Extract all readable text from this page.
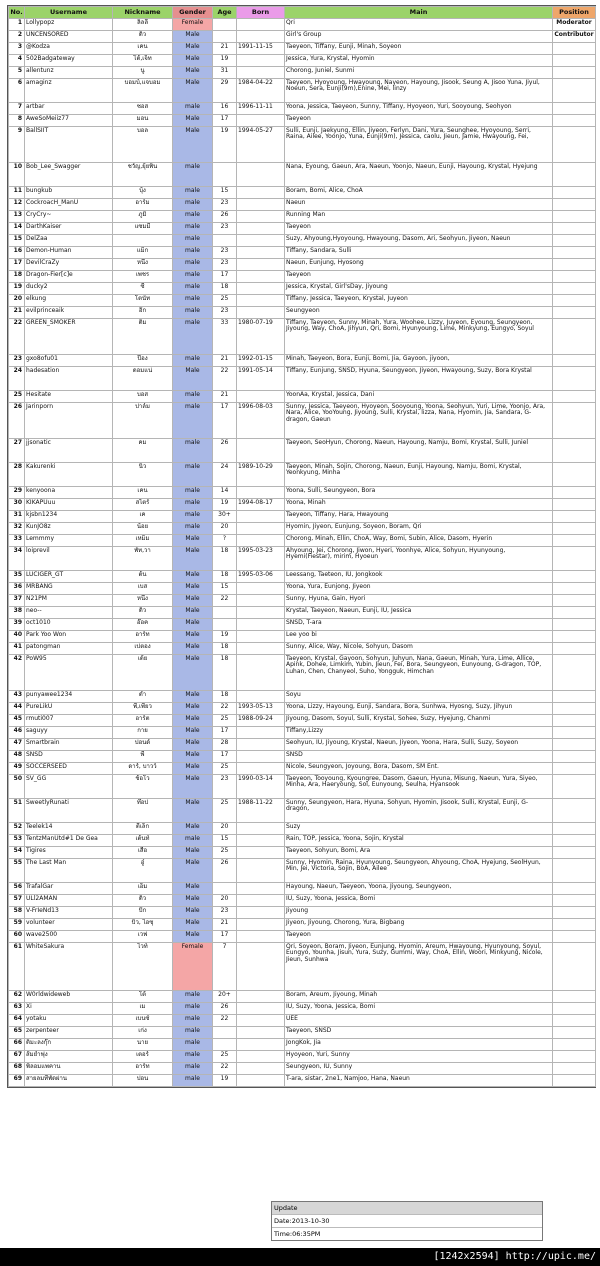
No.	Username	Nickname	Gender	Age	Born	Main	Position
1	Lollypopz	ลิลลี่	Female			Qri	Moderator
2	UNCENSORED	ดิว	Male			Girl's Group	Contributor
3	@Kodza	เคน	Male	21	1991-11-15	Taeyeon, Tiffany, Eunji, Minah, Soyeon	
4	502Badgateway	โต้,เจ็ท	Male	19		Jessica, Yura, Krystal, Hyomin	
5	allentunz	นู	Male	31		Chorong, Juniel, Sunmi	
6	amaginz	บอมบ์,แจบอม	Male	29	1984-04-22	Taeyeon, Hyoyoung, Hwayoung, Nayeon, Hayoung, Jisook, Seung A, Jisoo Yuna, Jiyul, Noeun, Sera, Eunji(9m),Enine, Mei, linzy	
7	artbar	ซอส	male	16	1996-11-11	Yoona, Jessica, Taeyeon, Sunny, Tiffany, Hyoyeon, Yuri, Sooyoung, Seohyon	
8	AweSoMeiiz77	มอน	Male	17		Taeyeon	
9	BallSIIT	บอล	Male	19	1994-05-27	Sulli, Eunji, Jaekyung, Ellin, Jiyeon, Ferlyn, Dani, Yura, Seunghee, Hyoyoung, Serri, Raina, Ailee, Yoonjo, Yuna, Eunji(9m), Jessica, caolu, Jieun, Jamie, Hwayoung, Fei,	
10	Bob_Lee_Swagger	ชวัญ,ยุ้ยพิ้น	male			Nana, Eyoung, Gaeun, Ara, Naeun, Yoonjo, Naeun, Eunji, Hayoung, Krystal, Hyejung	
11	bungkub	บุ้ง	male	15		Boram, Bomi, Alice, ChoA	
12	CockroacH_ManU	อาร์ม	male	23		Naeun	
13	CryCry~	ภูมิ	male	26		Running Man	
14	DarthKaiser	แซมมี่	male	23		Taeyeon	
15	DelZaa		male			Suzy, Ahyoung,Hyoyoung, Hwayoung, Dasom, Ari, Seohyun, Jiyeon, Naeun	
16	Demon-Human	แม็ก	male	23		Tiffany, Sandara, Sulli	
17	DevilCraZy	หนึ่ง	male	23		Naeun, Eunjung, Hyosong	
18	Dragon-Fier[c]e	เพชร	male	17		Taeyeon	
19	ducky2	ซี	male	18		Jessica, Krystal, Girl'sDay, Jiyoung	
20	elkung	โตนัท	male	25		Tiffany, Jessica, Taeyeon, Krystal, Juyeon	
21	evilprinceaik	อิ๊ก	male	23		Seungyeon	
22	GREEN_SMOKER	ติม	male	33	1980-07-19	Tiffany, Taeyeon, Sunny, Minah, Yura, Woohee, Lizzy, Juyeon, Eyoung, Seungyeon, Jiyoung, Way, ChoA, Jihyun, Qri, Bomi, Hyunyoung, Lime, Minkyung, Eungyo, Soyul	
23	gxo8ofu01	ป๊อง	male	21	1992-01-15	Minah, Taeyeon, Bora, Eunji, Bomi, Jia, Gayoon, jiyoon,	
24	hadesation	ดอมแน่	Male	22	1991-05-14	Tiffany, Eunjung, SNSD, Hyuna, Seungyeon, Jiyeon, Hwayoung, Suzy, Bora Krystal	
25	Hesitate	บอส	male	21		YoonAa, Krystal, Jessica, Dani	
26	Jarinporn	ปาล์ม	male	17	1996-08-03	Sunny, Jessica, Taeyeon, Hyoyeon, Sooyoung, Yoona, Seohyun, Yuri, Lime, Yoonjo, Ara, Nara, Alice, YooYoung, Jiyoung, Sulli, Krystal, lizza, Nana, Hyomin, Jia, Sandara, G-dragon, Gaeun	
27	jjsonatic	คม	male	26		Taeyeon, SeoHyun, Chorong, Naeun, Hayoung, Namju, Bomi, Krystal, Sulli, Juniel	
28	Kakurenki	นิว	male	24	1989-10-29	Taeyeon, Minah, Sojin, Chorong, Naeun, Eunji, Hayoung, Namju, Bomi, Krystal, Yeonkyung, Minha	
29	kenyoona	เคน	male	14		Yoona, Sulli, Seungyeon, Bora	
30	KIKAPUuu	สไตร์	male	19	1994-08-17	Yoona, Minah	
31	kjsbn1234	เค	male	30+		Taeyeon, Tiffany, Hara, Hwayoung	
32	KunJO8z	น้อย	male	20		Hyomin, Jiyeon, Eunjung, Soyeon, Boram, Qri	
33	Lemmmy	เหม็ม	Male	?		Chorong, Minah, Ellin, ChoA, Way, Bomi, Subin, Alice, Dasom, Hyerin	
34	loiprevil	พัท,วา	Male	18	1995-03-23	Ahyoung, Jei, Chorong, Jiwon, Hyeri, Yoonhye, Alice, Sohyun, Hyunyoung, Hyemi(Fiestar), mirim, Hyoeun	
35	LUCIGER_GT	ต้น	Male	18	1995-03-06	Leessang, Taeteon, IU, Jongkook	
36	MRBANG	เบส	Male	15		Yoona, Yura, Eunjong, Jiyeon	
37	N21PM	หนึ่ง	Male	22		Sunny, Hyuna, Gain, Hyori	
38	neo--	ดิว	Male			Krystal, Taeyeon, Naeun, Eunji, IU, Jessica	
39	oct1010	อ๊อค	Male			SNSD, T-ara	
40	Park Yoo Won	อาร์ท	Male	19		Lee yoo bi	
41	patongman	เปตอง	Male	18		Sunny, Alice, Way, Nicole, Sohyun, Dasom	
42	PoW95	เด้ย	Male	18		Taeyeon, Krystal, Gayoon, Sohyun, Juhyun, Nana, Gaeun, Minah, Yura, Lime, Allice, Apink, Dohee, Limkim, Yubin, Jieun, Fei, Bora, Seungyeon, Eunyoung, G-dragon, TOP, Luhan, Chen, Chanyeol, Suho, Yongguk, Himchan	
43	punyawee1234	ดำ	Male	18		Soyu	
44	PureLikU	พี,เพียว	Male	22	1993-05-13	Yoona, Lizzy, Hayoung, Eunji, Sandara, Bora, Sunhwa, Hyosng, Suzy, Jihyun	
45	rmuti007	อาร์ต	Male	25	1988-09-24	Jiyoung, Dasom, Soyul, Sulli, Krystal, Sohee, Suzy, Hyejung, Chanmi	
46	saguyy	กาย	Male	17		Tiffany,Lizzy	
47	Smartbrain	ปอนด์	Male	28		Seohyun, IU, Jiyoung, Krystal, Naeun, Jiyeon, Yoona, Hara, Sulli, Suzy, Soyeon	
48	SNSD	พี	Male	17		SNSD	
49	SOCCERSEED	ดาร์, บาวว์	Male	25		Nicole, Seungyeon, Joyoung, Bora, Dasom, SM Ent.	
50	SV_GG	ช้อโว	Male	23	1990-03-14	Taeyeon, Tooyoung, Kyoungree, Dasom, Gaeun, Hyuna, Misung, Naeun, Yura, Siyeo, Minha, Ara, Haeryoung, Sol, Eunyoung, Seulha, Hyansook	
51	SweetlyRunati	ท๊อป	Male	25	1988-11-22	Sunny, Seungyeon, Hara, Hyuna, Sohyun, Hyomin, Jisook, Sulli, Krystal, Eunji, G-dragon,	
52	Teelek14	ตี้เล็ก	Male	20		Suzy	
53	TentzManUtd#1 De Gea	เต้นท์	male	15		Rain, TOP, Jessica, Yoona, Sojin, Krystal	
54	Tigires	เสือ	Male	25		Taeyeon, Sohyun, Bomi, Ara	
55	The Last Man	อู๋	Male	26		Sunny, Hyomin, Raina, Hyunyoung, Seungyeon, Ahyoung, ChoA, Hyejung, SeolHyun, Min, Jei, Victoria, Sojin, BoA, Ailee	
56	TrafalGar	เอ็ม	Male			Hayoung, Naeun, Taeyeon, Yoona, Jiyoung, Seungyeon,	
57	ULl2AMAN	ดิว	Male	20		IU, Suzy, Yoona, Jessica, Bomi	
58	V-FrIeNd13	บิ๊ก	Male	23		Jiyoung	
59	volunteer	บิว, ไอซุ	Male	21		Jiyeon, Jiyoung, Chorong, Yura, Bigbang	
60	wave2500	เวฟ	Male	17		Taeyeon	
61	WhiteSakura	ไวท์	Female	7		Qri, Soyeon, Boram, Jiyeon, Eunjung, Hyomin, Areum, Hwayoung, Hyunyoung, Soyul, Eungyo, Younha, Jisun, Yura, Suzy, Gummi, Way, ChoA, Ellin, Woori, Minkyung, Nicole, Jieun, Sunhwa	
62	W0rldwideweb	โต้	male	20+		Boram, Areum, Jiyoung, Minah	
63	Xi	เม	male	26		IU, Suzy, Yoona, Jessica, Bomi	
64	yotaku	เบนซ์	male	22		UEE	
65	zerpenteer	เก่ง	male			Taeyeon, SNSD	
66	ติมะลงกุ๊ก	นาย	male			JongKok, Jia	
67	ส้มยำฟุง	เตอร์	male	25		Hyoyeon, Yuri, Sunny	
68	พิลอมแพคาน	อาร์ท	male	22		Seungyeon, IU, Sunny	
69	สายลมที่พัดผ่าน	ปอน	male	19		T-ara, sistar, 2ne1, Namjoo, Hana, Naeun	
Update
Date:2013-10-30
Time:06:35PM
[1242x2594] http://upic.me/
